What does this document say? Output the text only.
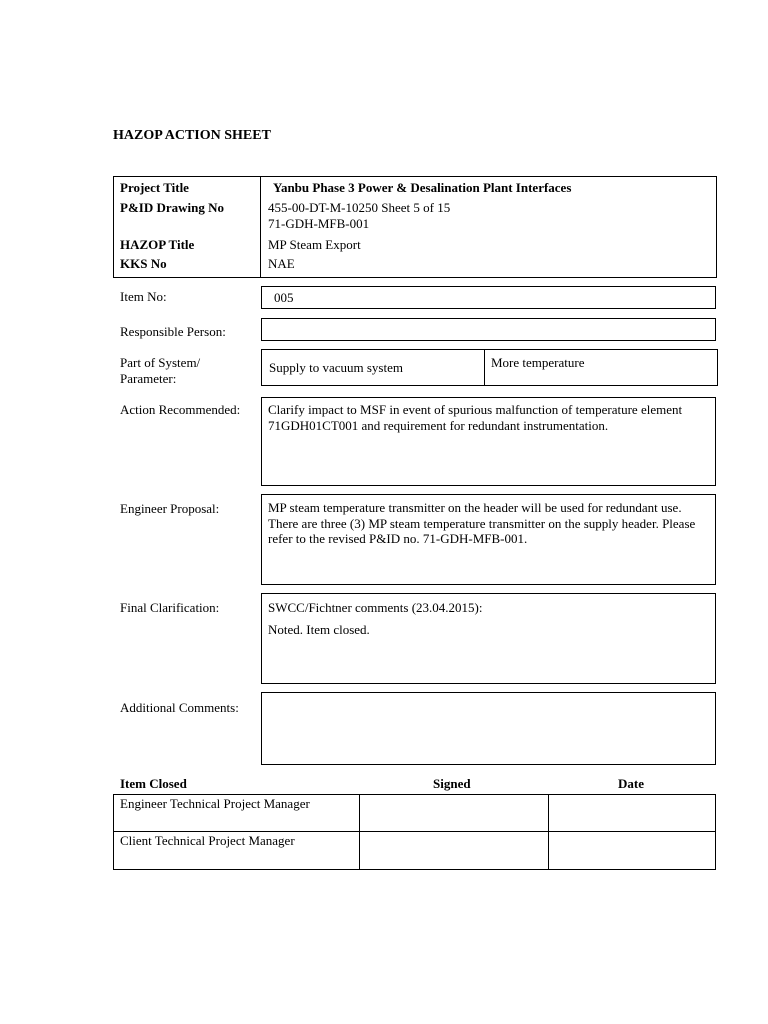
HAZOP ACTION SHEET
Project Title	Yanbu Phase 3 Power & Desalination Plant Interfaces
P&ID Drawing No	455-00-DT-M-10250 Sheet 5 of 15
71-GDH-MFB-001
HAZOP Title	MP Steam Export
KKS No	NAE
Item No:	005
Responsible Person:
Part of System/
Parameter:
Supply to vacuum system	More temperature
Action Recommended: Clarify impact to MSF in event of spurious malfunction of temperature element 71GDH01CT001 and requirement for redundant instrumentation.
Engineer Proposal:	MP steam temperature transmitter on the header will be used for redundant use. There are three (3) MP steam temperature transmitter on the supply header. Please refer to the revised P&ID no. 71-GDH-MFB-001.
Final Clarification:	SWCC/Fichtner comments (23.04.2015):
Noted. Item closed.
Additional Comments:
Item Closed	Signed	Date
Engineer Technical Project Manager
Client Technical Project Manager
